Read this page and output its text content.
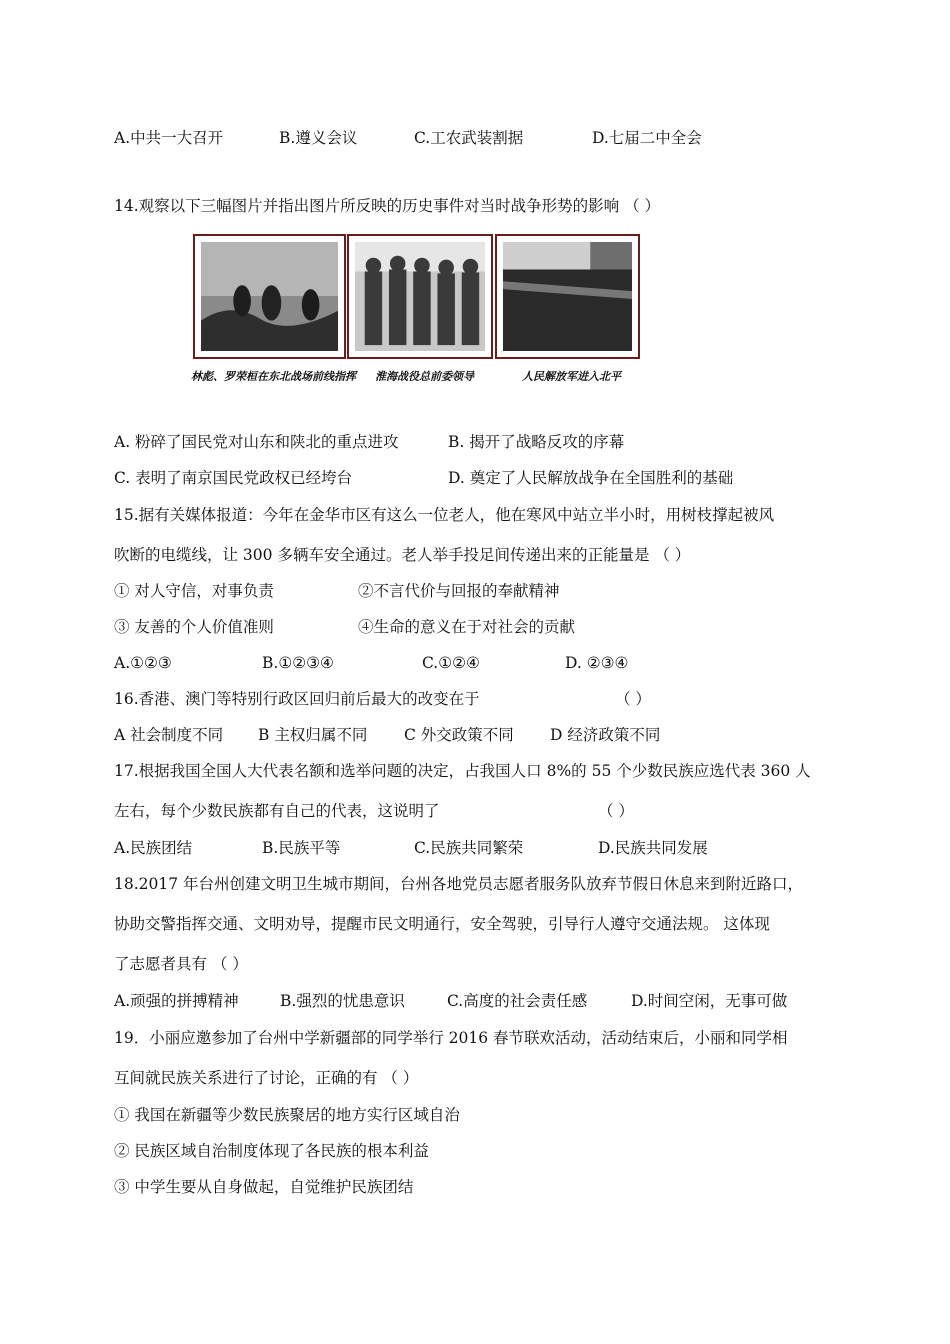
A.中共一大召开	B.遵义会议	C.工农武装割据	D.七届二中全会
14.观察以下三幅图片并指出图片所反映的历史事件对当时战争形势的影响 （ ）
林彪、罗荣桓在东北战场前线指挥 淮海战役总前委领导	人民解放军进入北平
A. 粉碎了国民党对山东和陕北的重点进攻	B. 揭开了战略反攻的序幕
C. 表明了南京国民党政权已经垮台	D. 奠定了人民解放战争在全国胜利的基础
15.据有关媒体报道：今年在金华市区有这么一位老人，他在寒风中站立半小时，用树枝撑起被风
吹断的电缆线，让 300 多辆车安全通过。老人举手投足间传递出来的正能量是 （ ）
① 对人守信，对事负责	②不言代价与回报的奉献精神
③ 友善的个人价值准则	④生命的意义在于对社会的贡献
A.①②③	B.①②③④	C.①②④	D. ②③④
16.香港、澳门等特别行政区回归前后最大的改变在于	（ ）
A 社会制度不同 B 主权归属不同 C 外交政策不同 D 经济政策不同
17.根据我国全国人大代表名额和选举问题的决定，占我国人口 8%的 55 个少数民族应选代表 360 人
左右，每个少数民族都有自己的代表，这说明了	（ ）
A.民族团结	B.民族平等	C.民族共同繁荣	D.民族共同发展
18.2017 年台州创建文明卫生城市期间，台州各地党员志愿者服务队放弃节假日休息来到附近路口，
协助交警指挥交通、文明劝导，提醒市民文明通行，安全驾驶，引导行人遵守交通法规。 这体现
了志愿者具有 （ ）
A.顽强的拼搏精神	B.强烈的忧患意识	C.高度的社会责任感	D.时间空闲，无事可做
19．小丽应邀参加了台州中学新疆部的同学举行 2016 春节联欢活动，活动结束后，小丽和同学相
互间就民族关系进行了讨论，正确的有 （ ）
① 我国在新疆等少数民族聚居的地方实行区域自治
② 民族区域自治制度体现了各民族的根本利益
③ 中学生要从自身做起，自觉维护民族团结
